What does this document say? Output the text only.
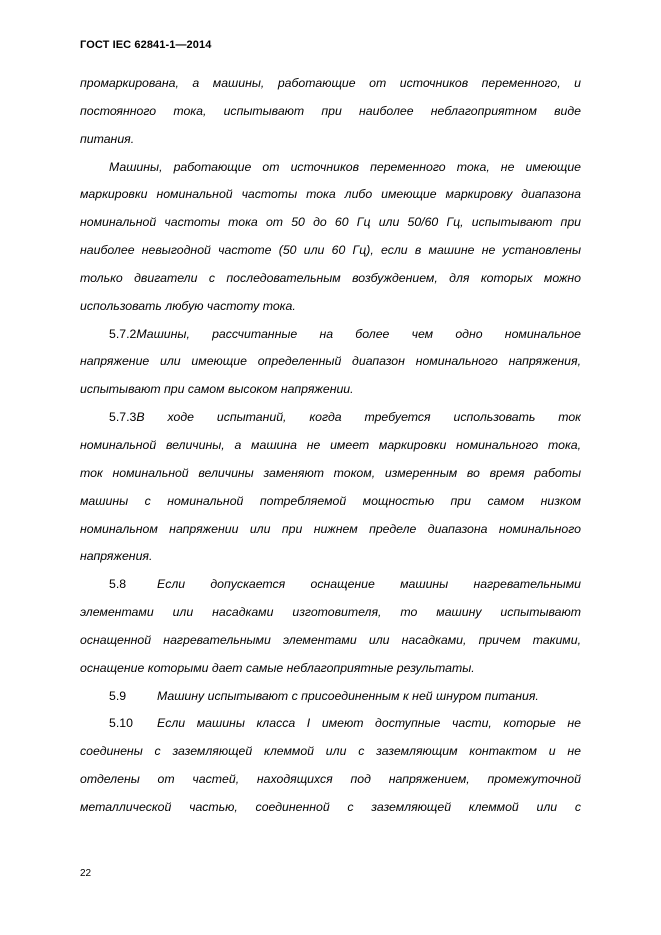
ГОСТ IEC 62841-1—2014
промаркирована, а машины, работающие от источников переменного, и
постоянного тока, испытывают при наиболее неблагоприятном виде
питания.
Машины, работающие от источников переменного тока, не имеющие
маркировки номинальной частоты тока либо имеющие маркировку диапазона
номинальной частоты тока от 50 до 60 Гц или 50/60 Гц, испытывают при
наиболее невыгодной частоте (50 или 60 Гц), если в машине не установлены
только двигатели с последовательным возбуждением, для которых можно
использовать любую частоту тока.
5.7.2Машины, рассчитанные на более чем одно номинальное
напряжение или имеющие определенный диапазон номинального напряжения,
испытывают при самом высоком напряжении.
5.7.3В ходе испытаний, когда требуется использовать ток
номинальной величины, а машина не имеет маркировки номинального тока,
ток номинальной величины заменяют током, измеренным во время работы
машины с номинальной потребляемой мощностью при самом низком
номинальном напряжении или при нижнем пределе диапазона номинального
напряжения.
5.8	Если допускается оснащение машины нагревательными
элементами или насадками изготовителя, то машину испытывают
оснащенной нагревательными элементами или насадками, причем такими,
оснащение которыми дает самые неблагоприятные результаты.
5.9	Машину испытывают с присоединенным к ней шнуром питания.
5.10	Если машины класса I имеют доступные части, которые не
соединены с заземляющей клеммой или с заземляющим контактом и не
отделены от частей, находящихся под напряжением, промежуточной
металлической частью, соединенной с заземляющей клеммой или с
22
